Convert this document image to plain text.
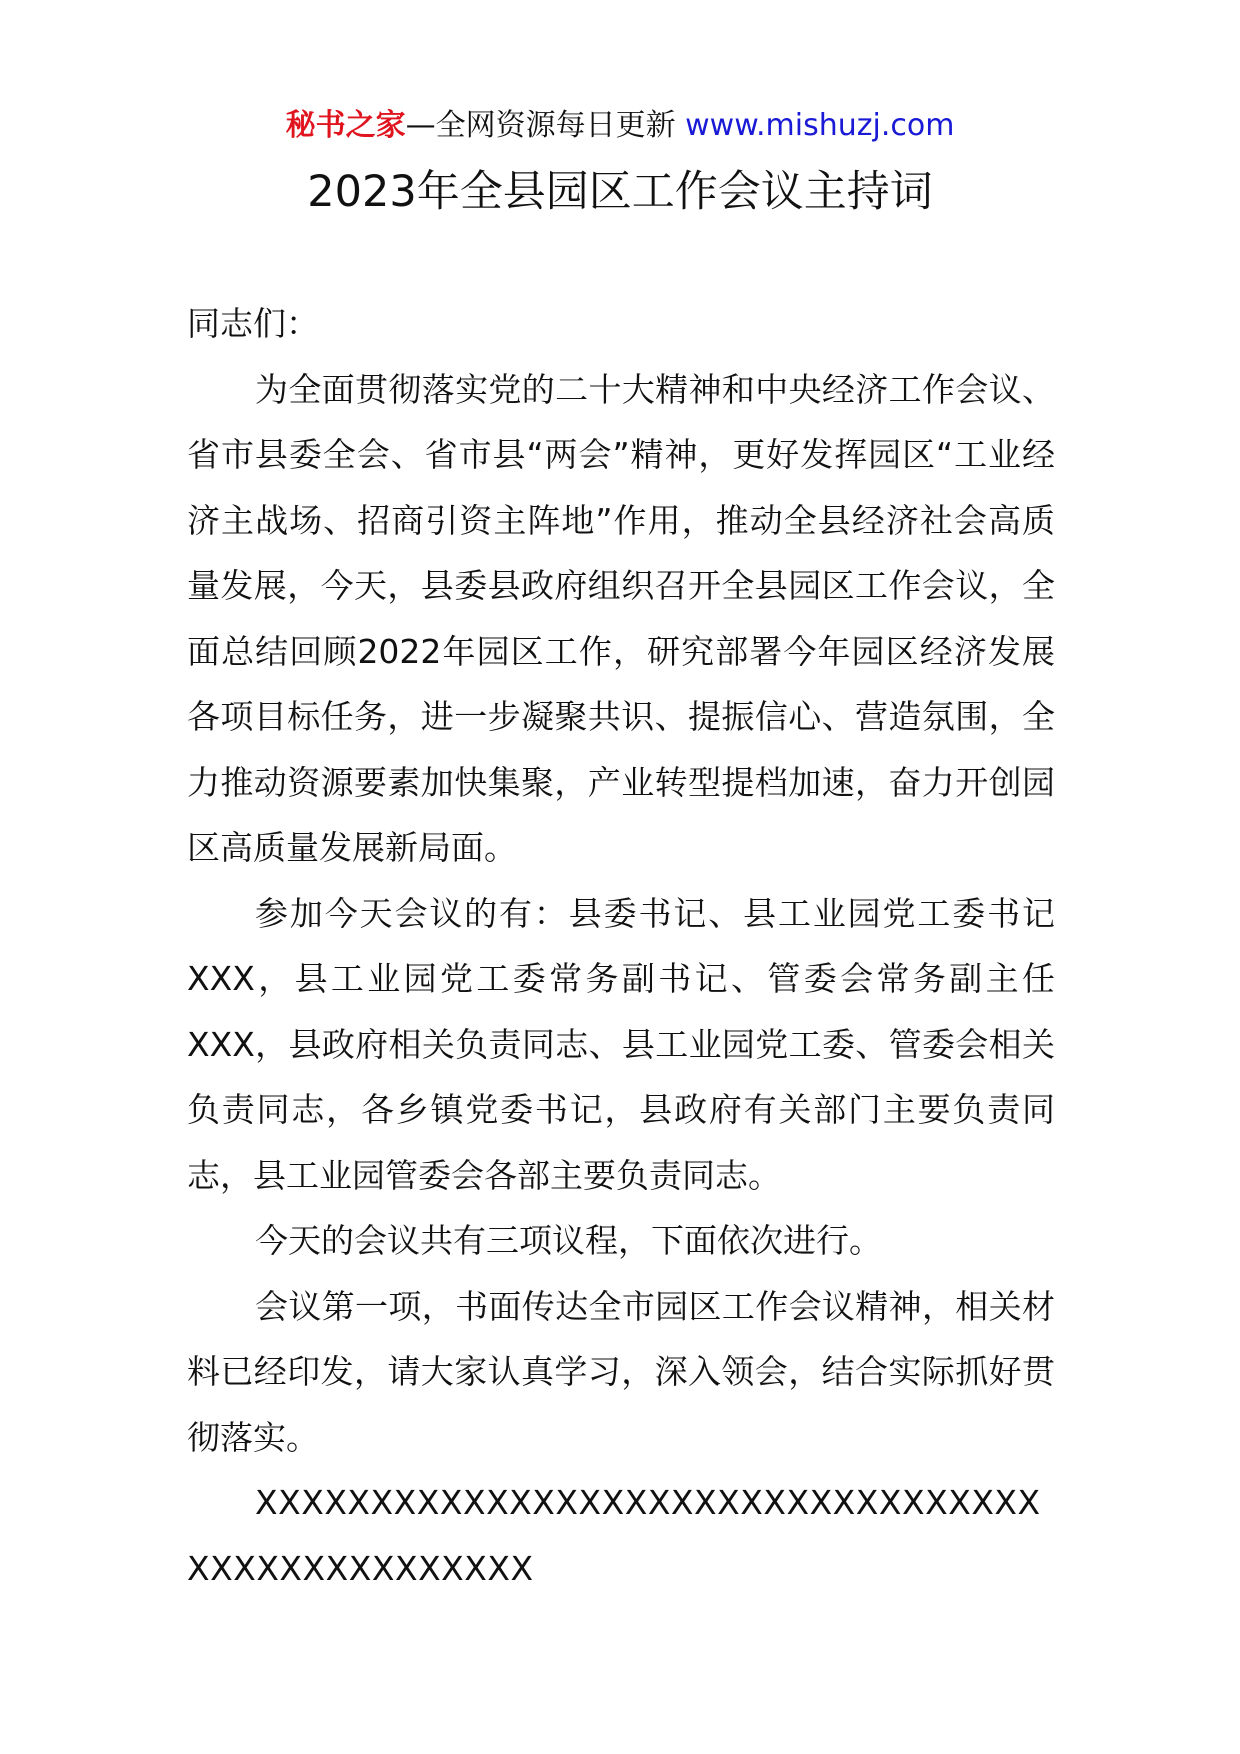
秘书之家—全网资源每日更新 www.mishuzj.com
2023年全县园区工作会议主持词

同志们：

为全面贯彻落实党的二十大精神和中央经济工作会议、省市县委全会、省市县“两会”精神，更好发挥园区“工业经济主战场、招商引资主阵地”作用，推动全县经济社会高质量发展，今天，县委县政府组织召开全县园区工作会议，全面总结回顾2022年园区工作，研究部署今年园区经济发展各项目标任务，进一步凝聚共识、提振信心、营造氛围，全力推动资源要素加快集聚，产业转型提档加速，奋力开创园区高质量发展新局面。

参加今天会议的有：县委书记、县工业园党工委书记XXX，县工业园党工委常务副书记、管委会常务副主任XXX，县政府相关负责同志、县工业园党工委、管委会相关负责同志，各乡镇党委书记，县政府有关部门主要负责同志，县工业园管委会各部主要负责同志。

今天的会议共有三项议程，下面依次进行。

会议第一项，书面传达全市园区工作会议精神，相关材料已经印发，请大家认真学习，深入领会，结合实际抓好贯彻落实。

XXXXXXXXXXXXXXXXXXXXXXXXXXXXXXXXXXXXXXXXXXXXXXXXX
